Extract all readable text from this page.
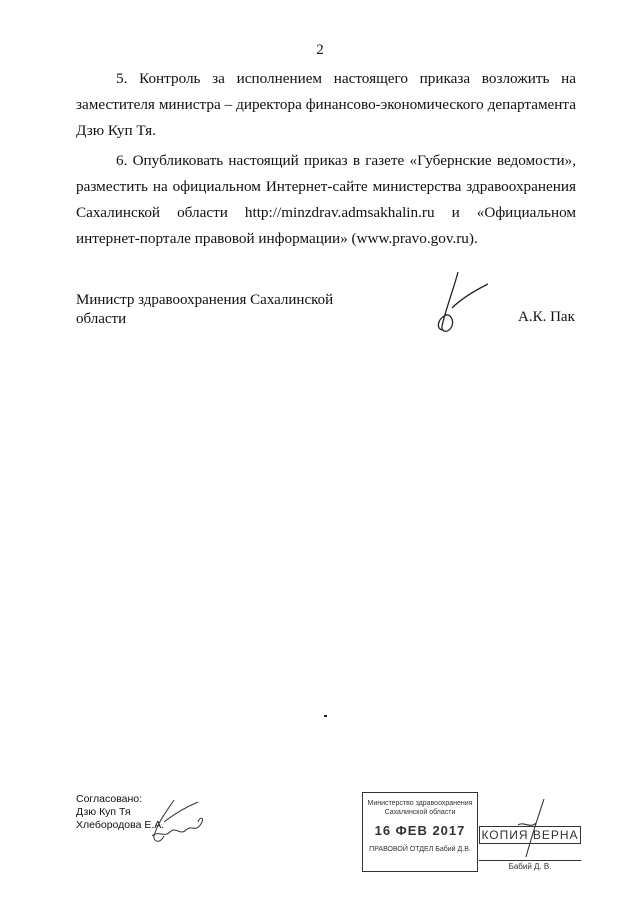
2

5. Контроль за исполнением настоящего приказа возложить на заместителя министра – директора финансово-экономического департамента Дзю Куп Тя.

6. Опубликовать настоящий приказ в газете «Губернские ведомости», разместить на официальном Интернет-сайте министерства здравоохранения Сахалинской области http://minzdrav.admsakhalin.ru и «Официальном интернет-портале правовой информации» (www.pravo.gov.ru).

Министр здравоохранения Сахалинской области	А.К. Пак
Согласовано:
Дзю Куп Тя
Хлебородова Е.А.
Министерство здравоохранения Сахалинской области
16 ФЕВ 2017
ПРАВОВОЙ ОТДЕЛ Бабий Д.В.
КОПИЯ ВЕРНА
Бабий Д. В.
